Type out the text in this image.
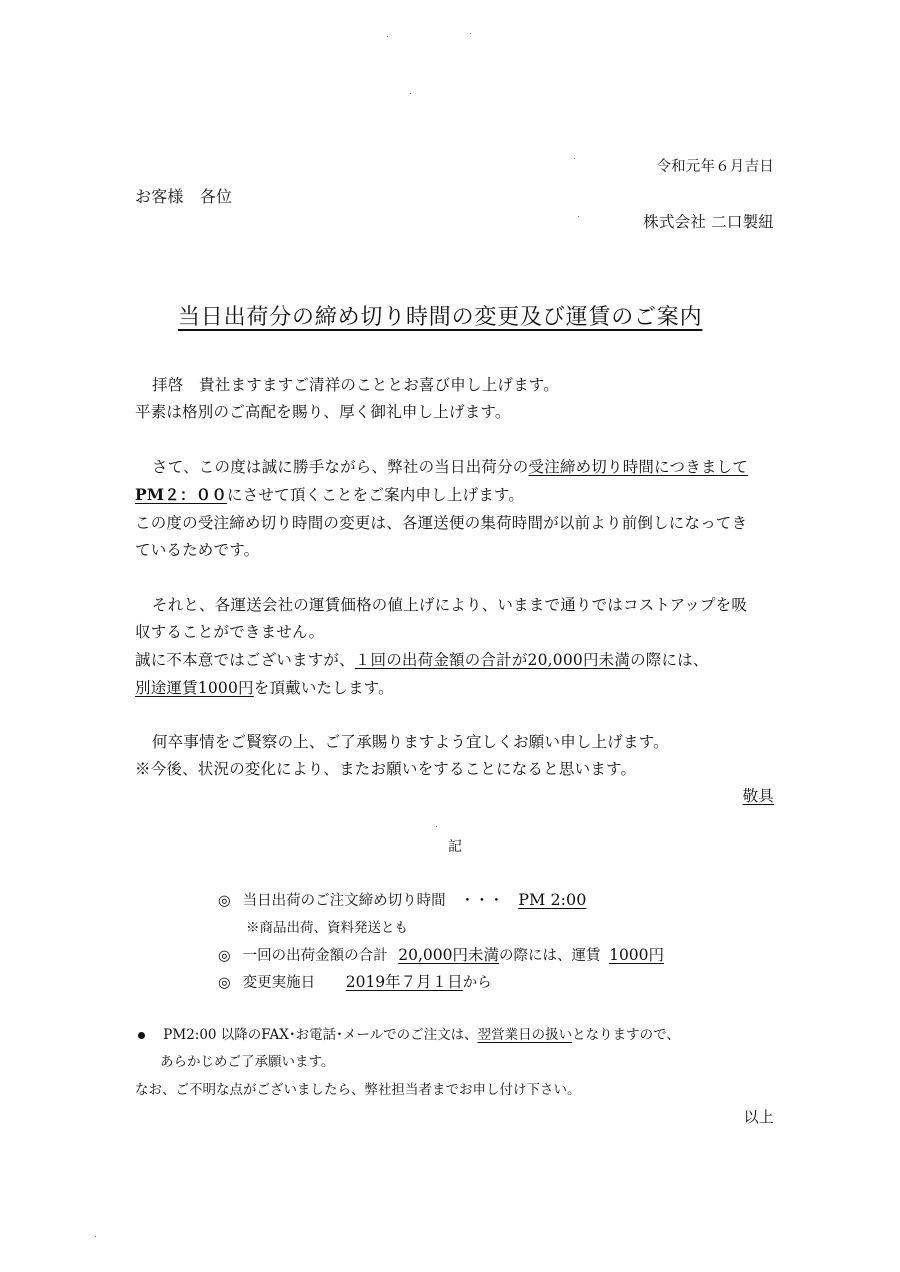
令和元年６月吉日
お客様　各位
株式会社 二口製紐
当日出荷分の締め切り時間の変更及び運賃のご案内
拝啓　貴社ますますご清祥のこととお喜び申し上げます。
平素は格別のご高配を賜り、厚く御礼申し上げます。
さて、この度は誠に勝手ながら、弊社の当日出荷分の受注締め切り時間につきまして
PM２：００にさせて頂くことをご案内申し上げます。
この度の受注締め切り時間の変更は、各運送便の集荷時間が以前より前倒しになってき
ているためです。
それと、各運送会社の運賃価格の値上げにより、いままで通りではコストアップを吸
収することができません。
誠に不本意ではございますが、１回の出荷金額の合計が20,000円未満の際には、
別途運賃1000円を頂戴いたします。
何卒事情をご賢察の上、ご了承賜りますよう宜しくお願い申し上げます。
※今後、状況の変化により、またお願いをすることになると思います。
敬具
記
◎ 当日出荷のご注文締め切り時間　・・・ PM 2:00
※商品出荷、資料発送とも
◎ 一回の出荷金額の合計 20,000円未満の際には、運賃 1000円
◎ 変更実施日 2019年７月１日から
PM2:00 以降のFAX･お電話･メールでのご注文は、翌営業日の扱いとなりますので、
あらかじめご了承願います。
なお、ご不明な点がございましたら、弊社担当者までお申し付け下さい。
以上
